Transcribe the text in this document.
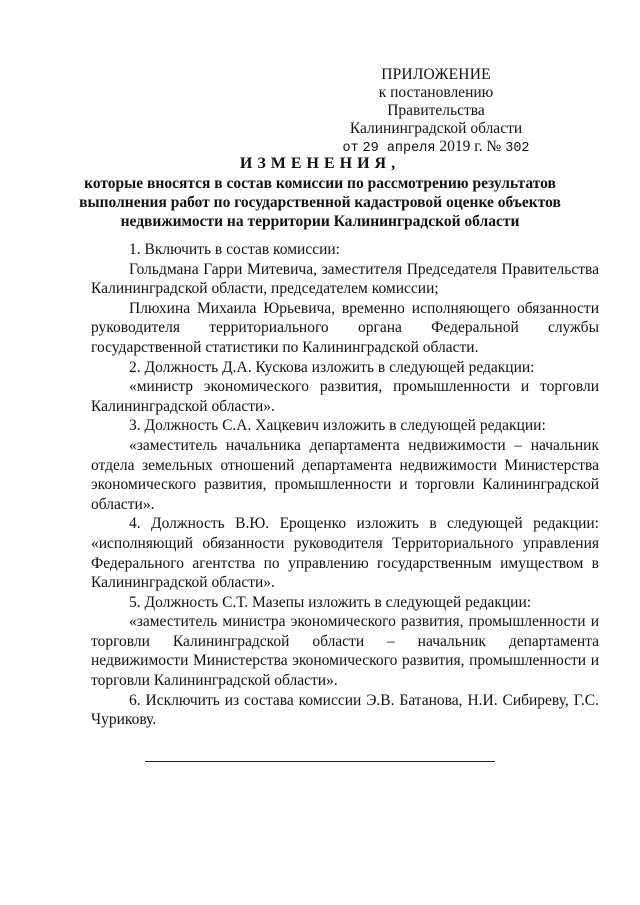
ПРИЛОЖЕНИЕ
к постановлению Правительства
Калининградской области
от 29 апреля 2019 г. № 302
ИЗМЕНЕНИЯ,
которые вносятся в состав комиссии по рассмотрению результатов выполнения работ по государственной кадастровой оценке объектов недвижимости на территории Калининградской области

1. Включить в состав комиссии:

Гольдмана Гарри Митевича, заместителя Председателя Правительства Калининградской области, председателем комиссии;

Плюхина Михаила Юрьевича, временно исполняющего обязанности руководителя территориального органа Федеральной службы государственной статистики по Калининградской области.

2. Должность Д.А. Кускова изложить в следующей редакции:

«министр экономического развития, промышленности и торговли Калининградской области».

3. Должность С.А. Хацкевич изложить в следующей редакции:

«заместитель начальника департамента недвижимости – начальник отдела земельных отношений департамента недвижимости Министерства экономического развития, промышленности и торговли Калининградской области».

4. Должность В.Ю. Ерощенко изложить в следующей редакции: «исполняющий обязанности руководителя Территориального управления Федерального агентства по управлению государственным имуществом в Калининградской области».

5. Должность С.Т. Мазепы изложить в следующей редакции:

«заместитель министра экономического развития, промышленности и торговли Калининградской области – начальник департамента недвижимости Министерства экономического развития, промышленности и торговли Калининградской области».

6. Исключить из состава комиссии Э.В. Батанова, Н.И. Сибиреву, Г.С. Чурикову.
